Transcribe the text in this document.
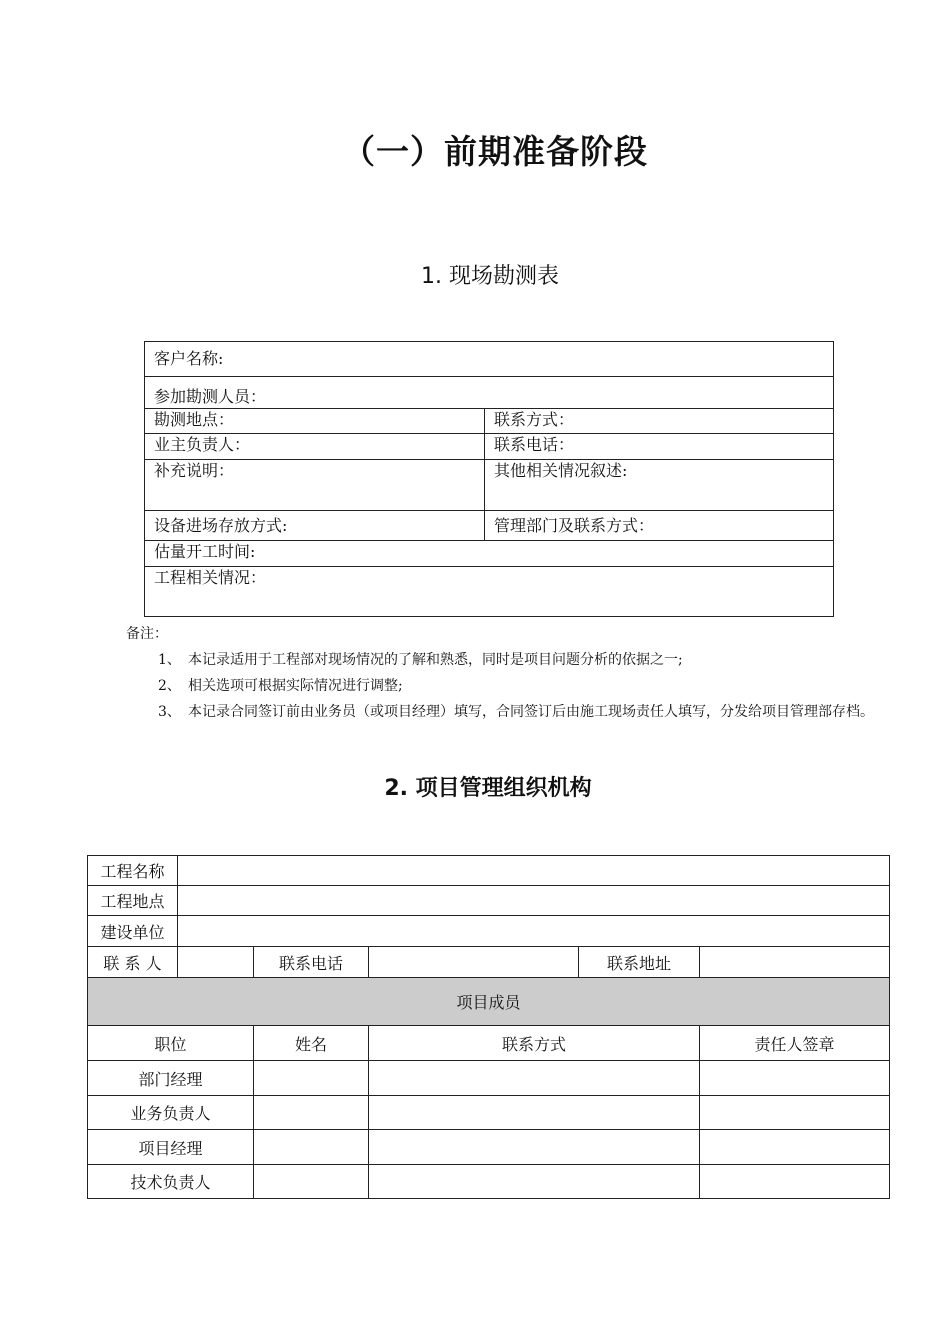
（一）前期准备阶段
1. 现场勘测表
客户名称:	
参加勘测人员：	
勘测地点：	联系方式：
业主负责人：	联系电话：
补充说明：	其他相关情况叙述:
设备进场存放方式:	管理部门及联系方式：
估量开工时间:	
工程相关情况：	
备注：
1、 本记录适用于工程部对现场情况的了解和熟悉，同时是项目问题分析的依据之一;
2、 相关选项可根据实际情况进行调整;
3、 本记录合同签订前由业务员（或项目经理）填写，合同签订后由施工现场责任人填写，分发给项目管理部存档。
2. 项目管理组织机构
工程名称					
工程地点					
建设单位					
联 系 人		联系电话		联系地址	
项目成员					
职位		姓名	联系方式		责任人签章
部门经理					
业务负责人					
项目经理					
技术负责人					
